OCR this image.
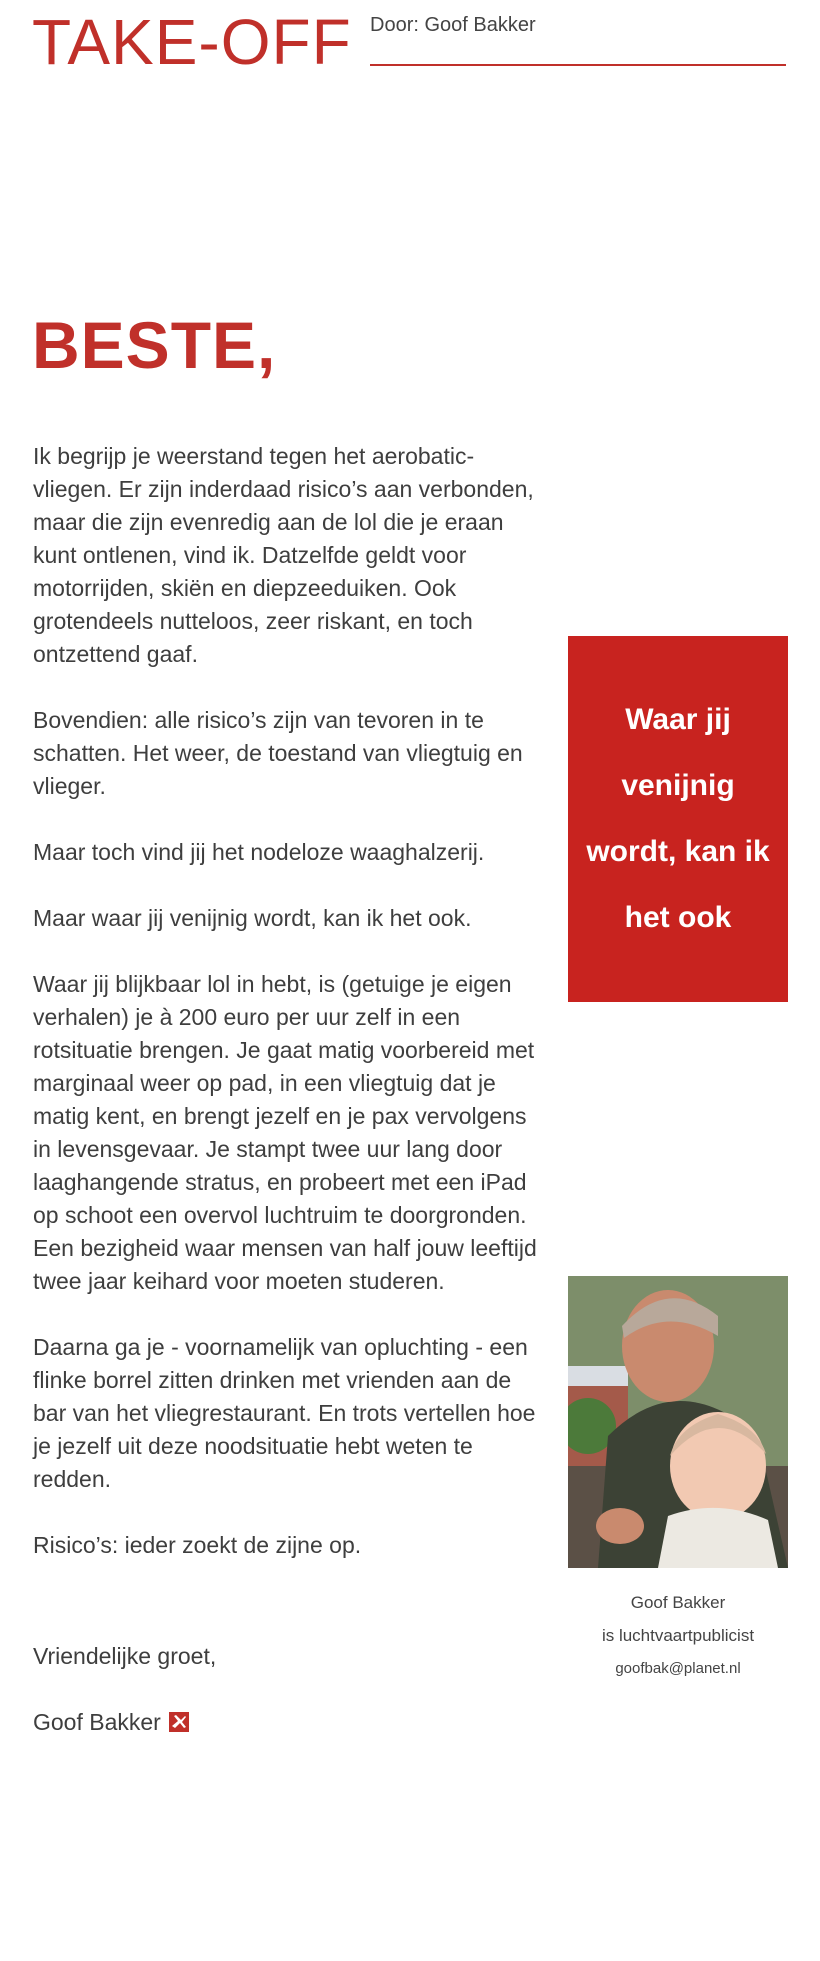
TAKE-OFF Door: Goof Bakker
BESTE,

Ik begrijp je weerstand tegen het aerobatic-vliegen. Er zijn inderdaad risico’s aan verbonden, maar die zijn evenredig aan de lol die je eraan kunt ontlenen, vind ik. Datzelfde geldt voor motorrijden, skiën en diepzeeduiken. Ook grotendeels nutteloos, zeer riskant, en toch ontzettend gaaf.

Bovendien: alle risico’s zijn van tevoren in te schatten. Het weer, de toestand van vliegtuig en vlieger.

Maar toch vind jij het nodeloze waaghalzerij.

Maar waar jij venijnig wordt, kan ik het ook.

Waar jij blijkbaar lol in hebt, is (getuige je eigen verhalen) je à 200 euro per uur zelf in een rotsituatie brengen. Je gaat matig voorbereid met marginaal weer op pad, in een vliegtuig dat je matig kent, en brengt jezelf en je pax vervolgens in levensgevaar. Je stampt twee uur lang door laaghangende stratus, en probeert met een iPad op schoot een overvol luchtruim te doorgronden. Een bezigheid waar mensen van half jouw leeftijd twee jaar keihard voor moeten studeren.

Daarna ga je - voornamelijk van opluchting - een flinke borrel zitten drinken met vrienden aan de bar van het vliegrestaurant. En trots vertellen hoe je jezelf uit deze noodsituatie hebt weten te redden.

Risico’s: ieder zoekt de zijne op.

Vriendelijke groet,
Goof Bakker
Waar jij
venijnig
wordt, kan ik
het ook
Goof Bakker
is luchtvaartpublicist
goofbak@planet.nl
